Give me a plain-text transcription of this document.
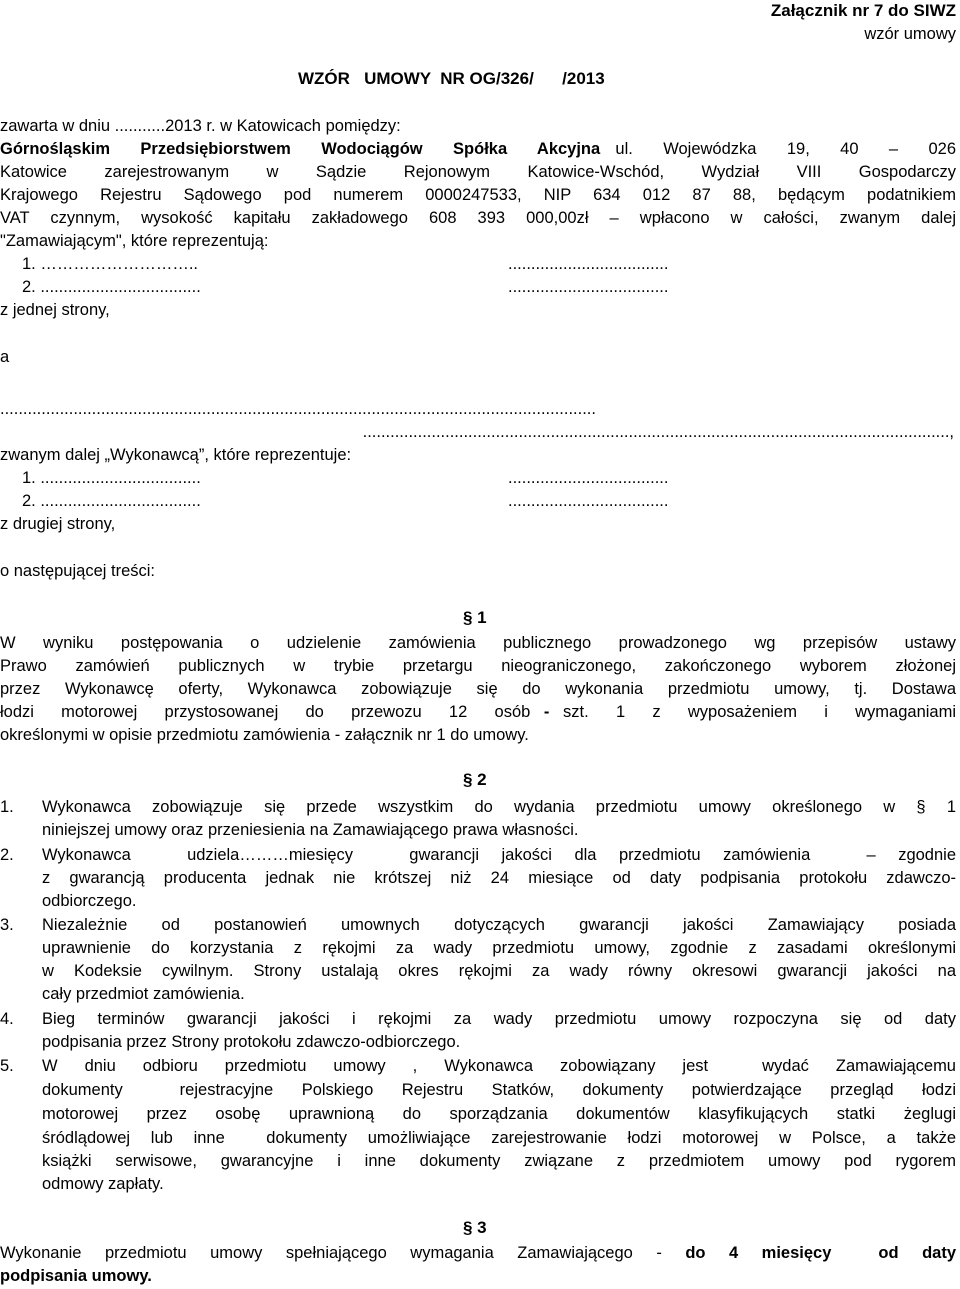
Załącznik nr 7 do SIWZ
wzór umowy
WZÓR   UMOWY  NR OG/326/      /2013
zawarta w dniu ...........2013 r. w Katowicach pomiędzy:
Górnośląskim  Przedsiębiorstwem  Wodociągów  Spółka  Akcyjna ul.  Wojewódzka  19,  40  –  026
Katowice zarejestrowanym w Sądzie Rejonowym Katowice-Wschód, Wydział VIII Gospodarczy
Krajowego Rejestru Sądowego pod numerem 0000247533, NIP 634 012 87 88, będącym podatnikiem
VAT czynnym, wysokość kapitału zakładowego 608 393 000,00zł – wpłacono w całości, zwanym dalej
"Zamawiającym", które reprezentują:
1. ………………………..	...................................
2. ...................................	...................................
z jednej strony,
a
..................................................................................................................................
................................................................................................................................,
zwanym dalej „Wykonawcą”, które reprezentuje:
1. ...................................	...................................
2. ...................................	...................................
z drugiej strony,
o następującej treści:
§ 1
W wyniku postępowania o udzielenie zamówienia publicznego prowadzonego wg przepisów ustawy
Prawo zamówień publicznych w trybie przetargu nieograniczonego, zakończonego wyborem złożonej
przez Wykonawcę oferty, Wykonawca zobowiązuje się do wykonania przedmiotu umowy, tj. Dostawa
łodzi  motorowej  przystosowanej  do  przewozu  12  osób - szt.  1  z  wyposażeniem  i  wymaganiami
określonymi w opisie przedmiotu zamówienia - załącznik nr 1 do umowy.
§ 2
1. Wykonawca zobowiązuje się przede wszystkim do wydania przedmiotu umowy określonego w § 1
niniejszej umowy oraz przeniesienia na Zamawiającego prawa własności.
2. Wykonawca     udziela………miesięcy     gwarancji  jakości  dla  przedmiotu  zamówienia     –  zgodnie
z gwarancją producenta jednak nie krótszej niż 24 miesiące od daty podpisania protokołu zdawczo-
odbiorczego.
3. Niezależnie od postanowień umownych dotyczących gwarancji jakości Zamawiający posiada
uprawnienie do korzystania z rękojmi za wady przedmiotu umowy, zgodnie z zasadami określonymi
w Kodeksie cywilnym. Strony ustalają okres rękojmi za wady równy okresowi gwarancji jakości na
cały przedmiot zamówienia.
4. Bieg terminów gwarancji jakości i rękojmi za wady przedmiotu umowy rozpoczyna się od daty
podpisania przez Strony protokołu zdawczo-odbiorczego.
5. W  dniu  odbioru  przedmiotu  umowy  ,  Wykonawca  zobowiązany  jest    wydać  Zamawiającemu
dokumenty    rejestracyjne  Polskiego  Rejestru  Statków,  dokumenty  potwierdzające  przegląd  łodzi
motorowej przez osobę uprawnioną do sporządzania dokumentów klasyfikujących statki żeglugi
śródlądowej  lub  inne    dokumenty  umożliwiające  zarejestrowanie  łodzi  motorowej  w  Polsce,  a  także
książki serwisowe, gwarancyjne i inne dokumenty związane z przedmiotem umowy pod rygorem
odmowy zapłaty.
§ 3
Wykonanie  przedmiotu  umowy  spełniającego  wymagania  Zamawiającego  -  do  4  miesięcy    od  daty
podpisania umowy.
